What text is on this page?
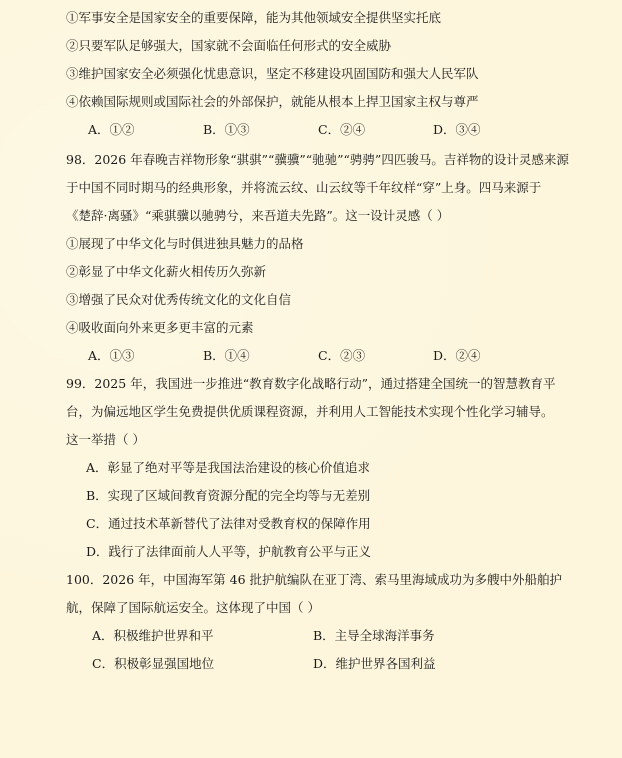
①军事安全是国家安全的重要保障，能为其他领域安全提供坚实托底
②只要军队足够强大，国家就不会面临任何形式的安全威胁
③维护国家安全必须强化忧患意识，坚定不移建设巩固国防和强大人民军队
④依赖国际规则或国际社会的外部保护，就能从根本上捍卫国家主权与尊严
A．①②	B．①③	C．②④	D．③④
98．2026 年春晚吉祥物形象“骐骐”“骥骥”“驰驰”“骋骋”四匹骏马。吉祥物的设计灵感来源
于中国不同时期马的经典形象，并将流云纹、山云纹等千年纹样“穿”上身。四马来源于
《楚辞·离骚》“乘骐骥以驰骋兮，来吾道夫先路”。这一设计灵感（ ）
①展现了中华文化与时俱进独具魅力的品格
②彰显了中华文化薪火相传历久弥新
③增强了民众对优秀传统文化的文化自信
④吸收面向外来更多更丰富的元素
A．①③	B．①④	C．②③	D．②④
99．2025 年，我国进一步推进“教育数字化战略行动”，通过搭建全国统一的智慧教育平
台，为偏远地区学生免费提供优质课程资源，并利用人工智能技术实现个性化学习辅导。
这一举措（ ）
A．彰显了绝对平等是我国法治建设的核心价值追求
B．实现了区域间教育资源分配的完全均等与无差别
C．通过技术革新替代了法律对受教育权的保障作用
D．践行了法律面前人人平等，护航教育公平与正义
100．2026 年，中国海军第 46 批护航编队在亚丁湾、索马里海域成功为多艘中外船舶护
航，保障了国际航运安全。这体现了中国（ ）
A．积极维护世界和平	B．主导全球海洋事务
C．积极彰显强国地位	D．维护世界各国利益
